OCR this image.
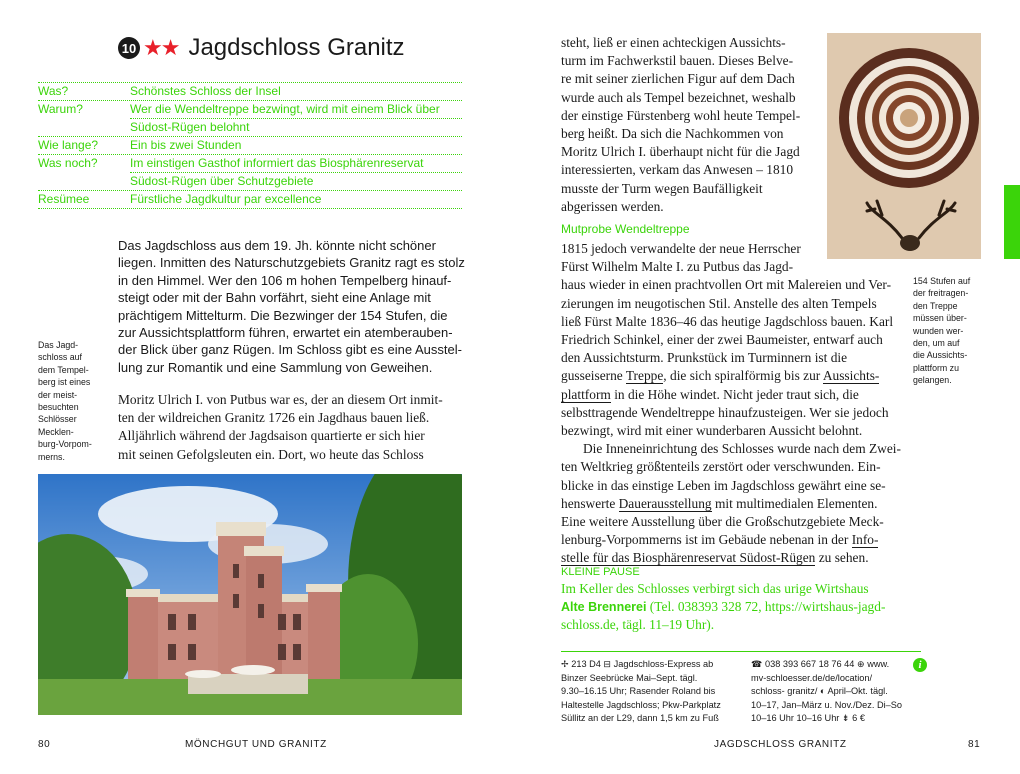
10 ★★ Jagdschloss Granitz
Was?	Schönstes Schloss der Insel
Warum?	Wer die Wendeltreppe bezwingt, wird mit einem Blick über
Südost-Rügen belohnt
Wie lange?	Ein bis zwei Stunden
Was noch?	Im einstigen Gasthof informiert das Biosphärenreservat
Südost-Rügen über Schutzgebiete
Resümee	Fürstliche Jagdkultur par excellence
Das Jagdschloss aus dem 19. Jh. könnte nicht schöner
liegen. Inmitten des Naturschutzgebiets Granitz ragt es stolz
in den Himmel. Wer den 106 m hohen Tempelberg hinauf-
steigt oder mit der Bahn vorfährt, sieht eine Anlage mit
prächtigem Mittelturm. Die Bezwinger der 154 Stufen, die
zur Aussichtsplattform führen, erwartet ein atemberauben-
der Blick über ganz Rügen. Im Schloss gibt es eine Ausstel-
lung zur Romantik und eine Sammlung von Geweihen.
Das Jagd-
schloss auf
dem Tempel-
berg ist eines
der meist-
besuchten
Schlösser
Mecklen-
burg-Vorpom-
merns.
Moritz Ulrich I. von Putbus war es, der an diesem Ort inmit-
ten der wildreichen Granitz 1726 ein Jagdhaus bauen ließ.
Alljährlich während der Jagdsaison quartierte er sich hier
mit seinen Gefolgsleuten ein. Dort, wo heute das Schloss
steht, ließ er einen achteckigen Aussichts-
turm im Fachwerkstil bauen. Dieses Belve-
re mit seiner zierlichen Figur auf dem Dach
wurde auch als Tempel bezeichnet, weshalb
der einstige Fürstenberg wohl heute Tempel-
berg heißt. Da sich die Nachkommen von
Moritz Ulrich I. überhaupt nicht für die Jagd
interessierten, verkam das Anwesen – 1810
musste der Turm wegen Baufälligkeit
abgerissen werden.
154 Stufen auf
der freitragen-
den Treppe
müssen über-
wunden wer-
den, um auf
die Aussichts-
plattform zu
gelangen.
Mutprobe Wendeltreppe
1815 jedoch verwandelte der neue Herrscher
Fürst Wilhelm Malte I. zu Putbus das Jagd-
haus wieder in einen prachtvollen Ort mit Malereien und Ver-
zierungen im neugotischen Stil. Anstelle des alten Tempels
ließ Fürst Malte 1836–46 das heutige Jagdschloss bauen. Karl
Friedrich Schinkel, einer der zwei Baumeister, entwarf auch
den Aussichtsturm. Prunkstück im Turminnern ist die
gusseiserne Treppe, die sich spiralförmig bis zur Aussichts-
plattform in die Höhe windet. Nicht jeder traut sich, die
selbsttragende Wendeltreppe hinaufzusteigen. Wer sie jedoch
bezwingt, wird mit einer wunderbaren Aussicht belohnt.
Die Inneneinrichtung des Schlosses wurde nach dem Zwei-
ten Weltkrieg größtenteils zerstört oder verschwunden. Ein-
blicke in das einstige Leben im Jagdschloss gewährt eine se-
henswerte Dauerausstellung mit multimedialen Elementen.
Eine weitere Ausstellung über die Großschutzgebiete Meck-
lenburg-Vorpommerns ist im Gebäude nebenan in der Info-
stelle für das Biosphärenreservat Südost-Rügen zu sehen.
KLEINE PAUSE
Im Keller des Schlosses verbirgt sich das urige Wirtshaus
Alte Brennerei (Tel. 038393 328 72, https://wirtshaus-jagd-
schloss.de, tägl. 11–19 Uhr).
✢ 213 D4 ⊟ Jagdschloss-Express ab
Binzer Seebrücke Mai–Sept. tägl.
9.30–16.15 Uhr; Rasender Roland bis
Haltestelle Jagdschloss; Pkw-Parkplatz
Süllitz an der L29, dann 1,5 km zu Fuß
☎ 038 393 667 18 76 44 ⊕ www.
mv-schloesser.de/de/location/
schloss- granitz/ ◐ April–Okt. tägl.
10–17, Jan–März u. Nov./Dez. Di–So
10–16 Uhr 10–16 Uhr ⇟ 6 €
i
80	MÖNCHGUT UND GRANITZ	JAGDSCHLOSS GRANITZ	81
